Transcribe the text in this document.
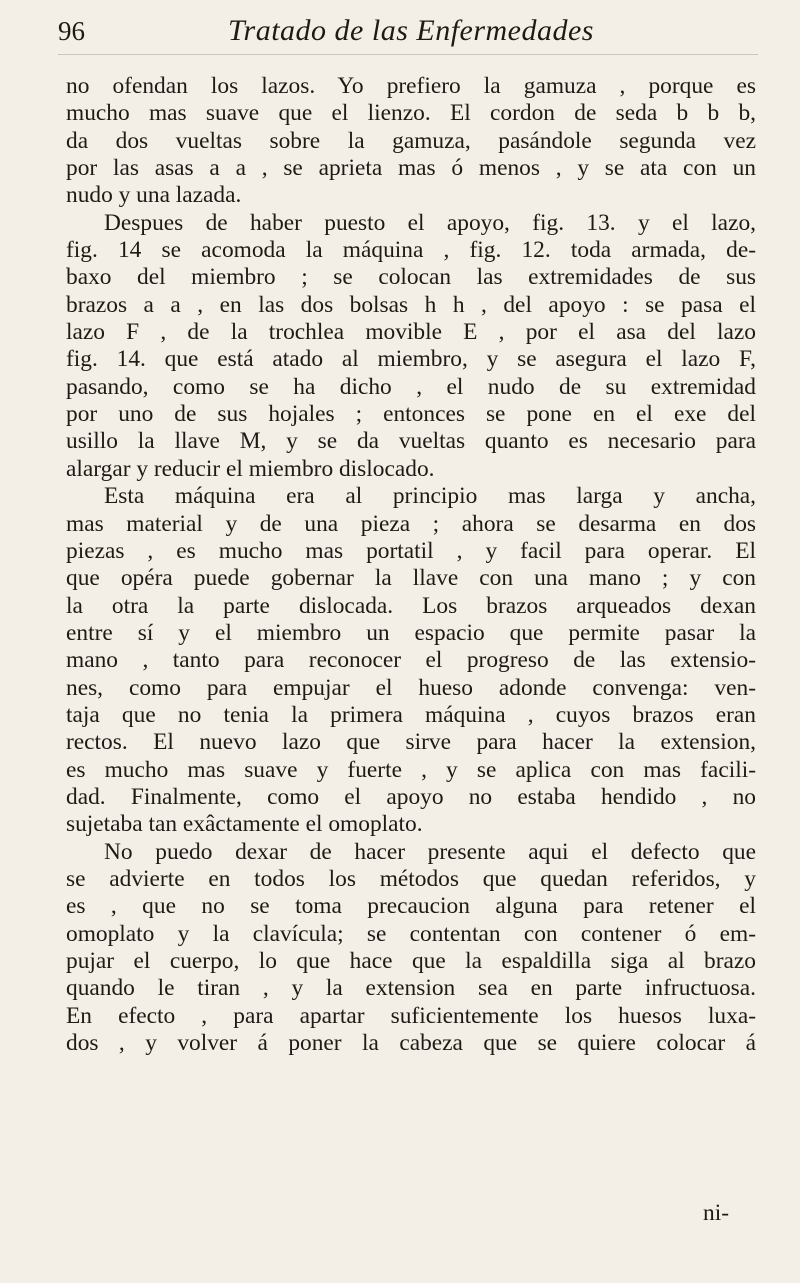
96	Tratado de las Enfermedades
no ofendan los lazos. Yo prefiero la gamuza , porque es
mucho mas suave que el lienzo. El cordon de seda b b b,
da dos vueltas sobre la gamuza, pasándole segunda vez
por las asas a a , se aprieta mas ó menos , y se ata con un
nudo y una lazada.
Despues de haber puesto el apoyo, fig. 13. y el lazo,
fig. 14 se acomoda la máquina , fig. 12. toda armada, de-
baxo del miembro ; se colocan las extremidades de sus
brazos a a , en las dos bolsas h h , del apoyo : se pasa el
lazo F , de la trochlea movible E , por el asa del lazo
fig. 14. que está atado al miembro, y se asegura el lazo F,
pasando, como se ha dicho , el nudo de su extremidad
por uno de sus hojales ; entonces se pone en el exe del
usillo la llave M, y se da vueltas quanto es necesario para
alargar y reducir el miembro dislocado.
Esta máquina era al principio mas larga y ancha,
mas material y de una pieza ; ahora se desarma en dos
piezas , es mucho mas portatil , y facil para operar. El
que opéra puede gobernar la llave con una mano ; y con
la otra la parte dislocada. Los brazos arqueados dexan
entre sí y el miembro un espacio que permite pasar la
mano , tanto para reconocer el progreso de las extensio-
nes, como para empujar el hueso adonde convenga: ven-
taja que no tenia la primera máquina , cuyos brazos eran
rectos. El nuevo lazo que sirve para hacer la extension,
es mucho mas suave y fuerte , y se aplica con mas facili-
dad. Finalmente, como el apoyo no estaba hendido , no
sujetaba tan exâctamente el omoplato.
No puedo dexar de hacer presente aqui el defecto que
se advierte en todos los métodos que quedan referidos, y
es , que no se toma precaucion alguna para retener el
omoplato y la clavícula; se contentan con contener ó em-
pujar el cuerpo, lo que hace que la espaldilla siga al brazo
quando le tiran , y la extension sea en parte infructuosa.
En efecto , para apartar suficientemente los huesos luxa-
dos , y volver á poner la cabeza que se quiere colocar á
ni-
